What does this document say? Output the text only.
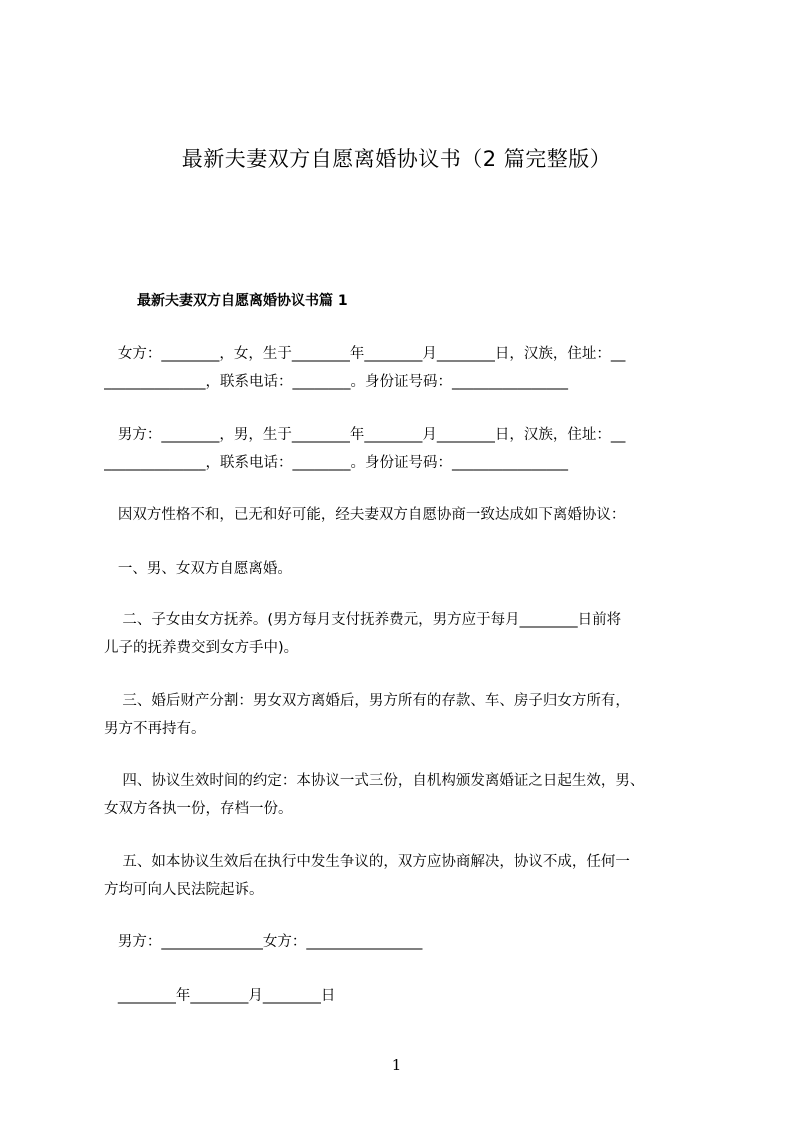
最新夫妻双方自愿离婚协议书（2 篇完整版）
最新夫妻双方自愿离婚协议书篇 1

女方：________，女，生于________年________月________日，汉族，住址：__
______________，联系电话：________。身份证号码：________________

男方：________，男，生于________年________月________日，汉族，住址：__
______________，联系电话：________。身份证号码：________________

因双方性格不和，已无和好可能，经夫妻双方自愿协商一致达成如下离婚协议：

一、男、女双方自愿离婚。

二、子女由女方抚养。(男方每月支付抚养费元，男方应于每月________日前将
儿子的抚养费交到女方手中)。

三、婚后财产分割：男女双方离婚后，男方所有的存款、车、房子归女方所有，
男方不再持有。

四、协议生效时间的约定：本协议一式三份，自机构颁发离婚证之日起生效，男、
女双方各执一份，存档一份。

五、如本协议生效后在执行中发生争议的，双方应协商解决，协议不成，任何一
方均可向人民法院起诉。

男方：______________女方：________________

________年________月________日

1
